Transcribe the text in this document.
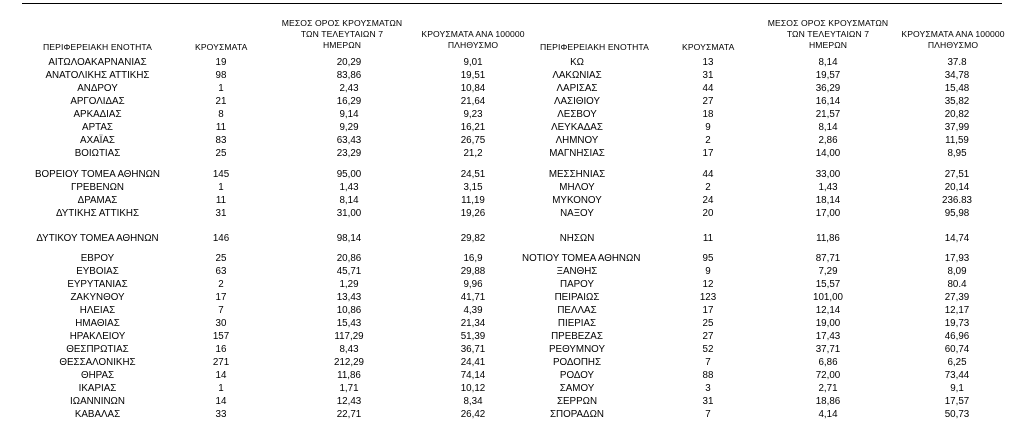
ΠΕΡΙΦΕΡΕΙΑΚΗ ΕΝΟΤΗΤΑ	ΚΡΟΥΣΜΑΤΑ
ΜΕΣΟΣ ΟΡΟΣ ΚΡΟΥΣΜΑΤΩΝ
ΤΩΝ ΤΕΛΕΥΤΑΙΩΝ 7
ΗΜΕΡΩΝ
ΚΡΟΥΣΜΑΤΑ ΑΝΑ 100000
ΠΛΗΘΥΣΜΟ	ΠΕΡΙΦΕΡΕΙΑΚΗ ΕΝΟΤΗΤΑ	ΚΡΟΥΣΜΑΤΑ
ΜΕΣΟΣ ΟΡΟΣ ΚΡΟΥΣΜΑΤΩΝ
ΤΩΝ ΤΕΛΕΥΤΑΙΩΝ 7
ΗΜΕΡΩΝ
ΚΡΟΥΣΜΑΤΑ ΑΝΑ 100000
ΠΛΗΘΥΣΜΟ
ΑΙΤΩΛΟΑΚΑΡΝΑΝΙΑΣ	19	20,29	9,01
ΑΝΑΤΟΛΙΚΗΣ ΑΤΤΙΚΗΣ	98	83,86	19,51
ΑΝΔΡΟΥ	1	2,43	10,84
ΑΡΓΟΛΙΔΑΣ	21	16,29	21,64
ΑΡΚΑΔΙΑΣ	8	9,14	9,23
ΑΡΤΑΣ	11	9,29	16,21
ΑΧΑΪΑΣ	83	63,43	26,75
ΒΟΙΩΤΙΑΣ	25	23,29	21,2
ΒΟΡΕΙΟΥ ΤΟΜΕΑ ΑΘΗΝΩΝ	145	95,00	24,51
ΓΡΕΒΕΝΩΝ	1	1,43	3,15
ΔΡΑΜΑΣ	11	8,14	11,19
ΔΥΤΙΚΗΣ ΑΤΤΙΚΗΣ	31	31,00	19,26
ΔΥΤΙΚΟΥ ΤΟΜΕΑ ΑΘΗΝΩΝ	146	98,14	29,82
ΕΒΡΟΥ	25	20,86	16,9
ΕΥΒΟΙΑΣ	63	45,71	29,88
ΕΥΡΥΤΑΝΙΑΣ	2	1,29	9,96
ΖΑΚΥΝΘΟΥ	17	13,43	41,71
ΗΛΕΙΑΣ	7	10,86	4,39
ΗΜΑΘΙΑΣ	30	15,43	21,34
ΗΡΑΚΛΕΙΟΥ	157	117,29	51,39
ΘΕΣΠΡΩΤΙΑΣ	16	8,43	36,71
ΘΕΣΣΑΛΟΝΙΚΗΣ	271	212,29	24,41
ΘΗΡΑΣ	14	11,86	74,14
ΙΚΑΡΙΑΣ	1	1,71	10,12
ΙΩΑΝΝΙΝΩΝ	14	12,43	8,34
ΚΑΒΑΛΑΣ	33	22,71	26,42
ΚΩ	13	8,14	37.8
ΛΑΚΩΝΙΑΣ	31	19,57	34,78
ΛΑΡΙΣΑΣ	44	36,29	15,48
ΛΑΣΙΘΙΟΥ	27	16,14	35,82
ΛΕΣΒΟΥ	18	21,57	20,82
ΛΕΥΚΑΔΑΣ	9	8,14	37,99
ΛΗΜΝΟΥ	2	2,86	11,59
ΜΑΓΝΗΣΙΑΣ	17	14,00	8,95
ΜΕΣΣΗΝΙΑΣ	44	33,00	27,51
ΜΗΛΟΥ	2	1,43	20,14
ΜΥΚΟΝΟΥ	24	18,14	236.83
ΝΑΞΟΥ	20	17,00	95,98
ΝΗΣΩΝ	11	11,86	14,74
ΝΟΤΙΟΥ ΤΟΜΕΑ ΑΘΗΝΩΝ	95	87,71	17,93
ΞΑΝΘΗΣ	9	7,29	8,09
ΠΑΡΟΥ	12	15,57	80.4
ΠΕΙΡΑΙΩΣ	123	101,00	27,39
ΠΕΛΛΑΣ	17	12,14	12,17
ΠΙΕΡΙΑΣ	25	19,00	19,73
ΠΡΕΒΕΖΑΣ	27	17,43	46,96
ΡΕΘΥΜΝΟΥ	52	37,71	60,74
ΡΟΔΟΠΗΣ	7	6,86	6,25
ΡΟΔΟΥ	88	72,00	73,44
ΣΑΜΟΥ	3	2,71	9,1
ΣΕΡΡΩΝ	31	18,86	17,57
ΣΠΟΡΑΔΩΝ	7	4,14	50,73
